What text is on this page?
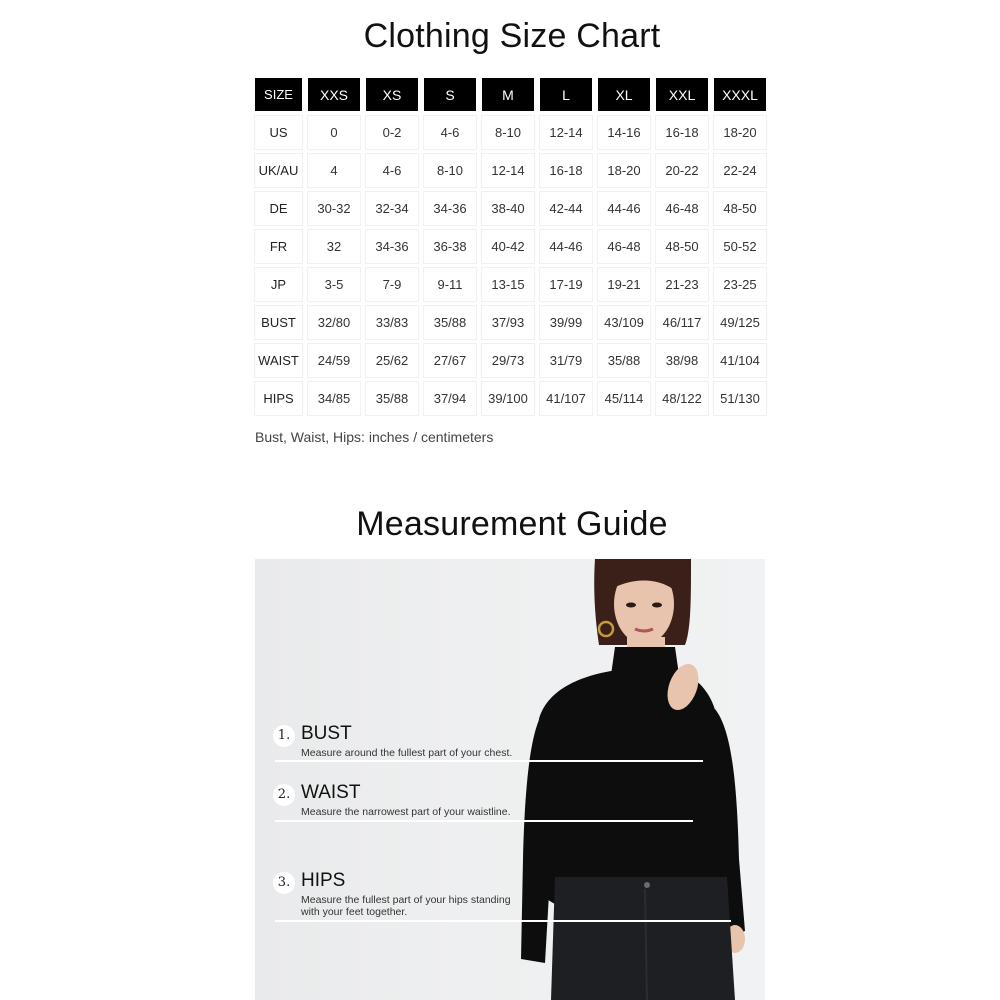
Clothing Size Chart
SIZE	XXS	XS	S	M	L	XL	XXL	XXXL
US	0	0-2	4-6	8-10	12-14	14-16	16-18	18-20
UK/AU	4	4-6	8-10	12-14	16-18	18-20	20-22	22-24
DE	30-32	32-34	34-36	38-40	42-44	44-46	46-48	48-50
FR	32	34-36	36-38	40-42	44-46	46-48	48-50	50-52
JP	3-5	7-9	9-11	13-15	17-19	19-21	21-23	23-25
BUST	32/80	33/83	35/88	37/93	39/99	43/109	46/117	49/125
WAIST	24/59	25/62	27/67	29/73	31/79	35/88	38/98	41/104
HIPS	34/85	35/88	37/94	39/100	41/107	45/114	48/122	51/130
Bust, Waist, Hips: inches / centimeters
Measurement Guide
1. BUST
Measure around the fullest part of your chest.
2. WAIST
Measure the narrowest part of your waistline.
3. HIPS
Measure the fullest part of your hips standing
with your feet together.
